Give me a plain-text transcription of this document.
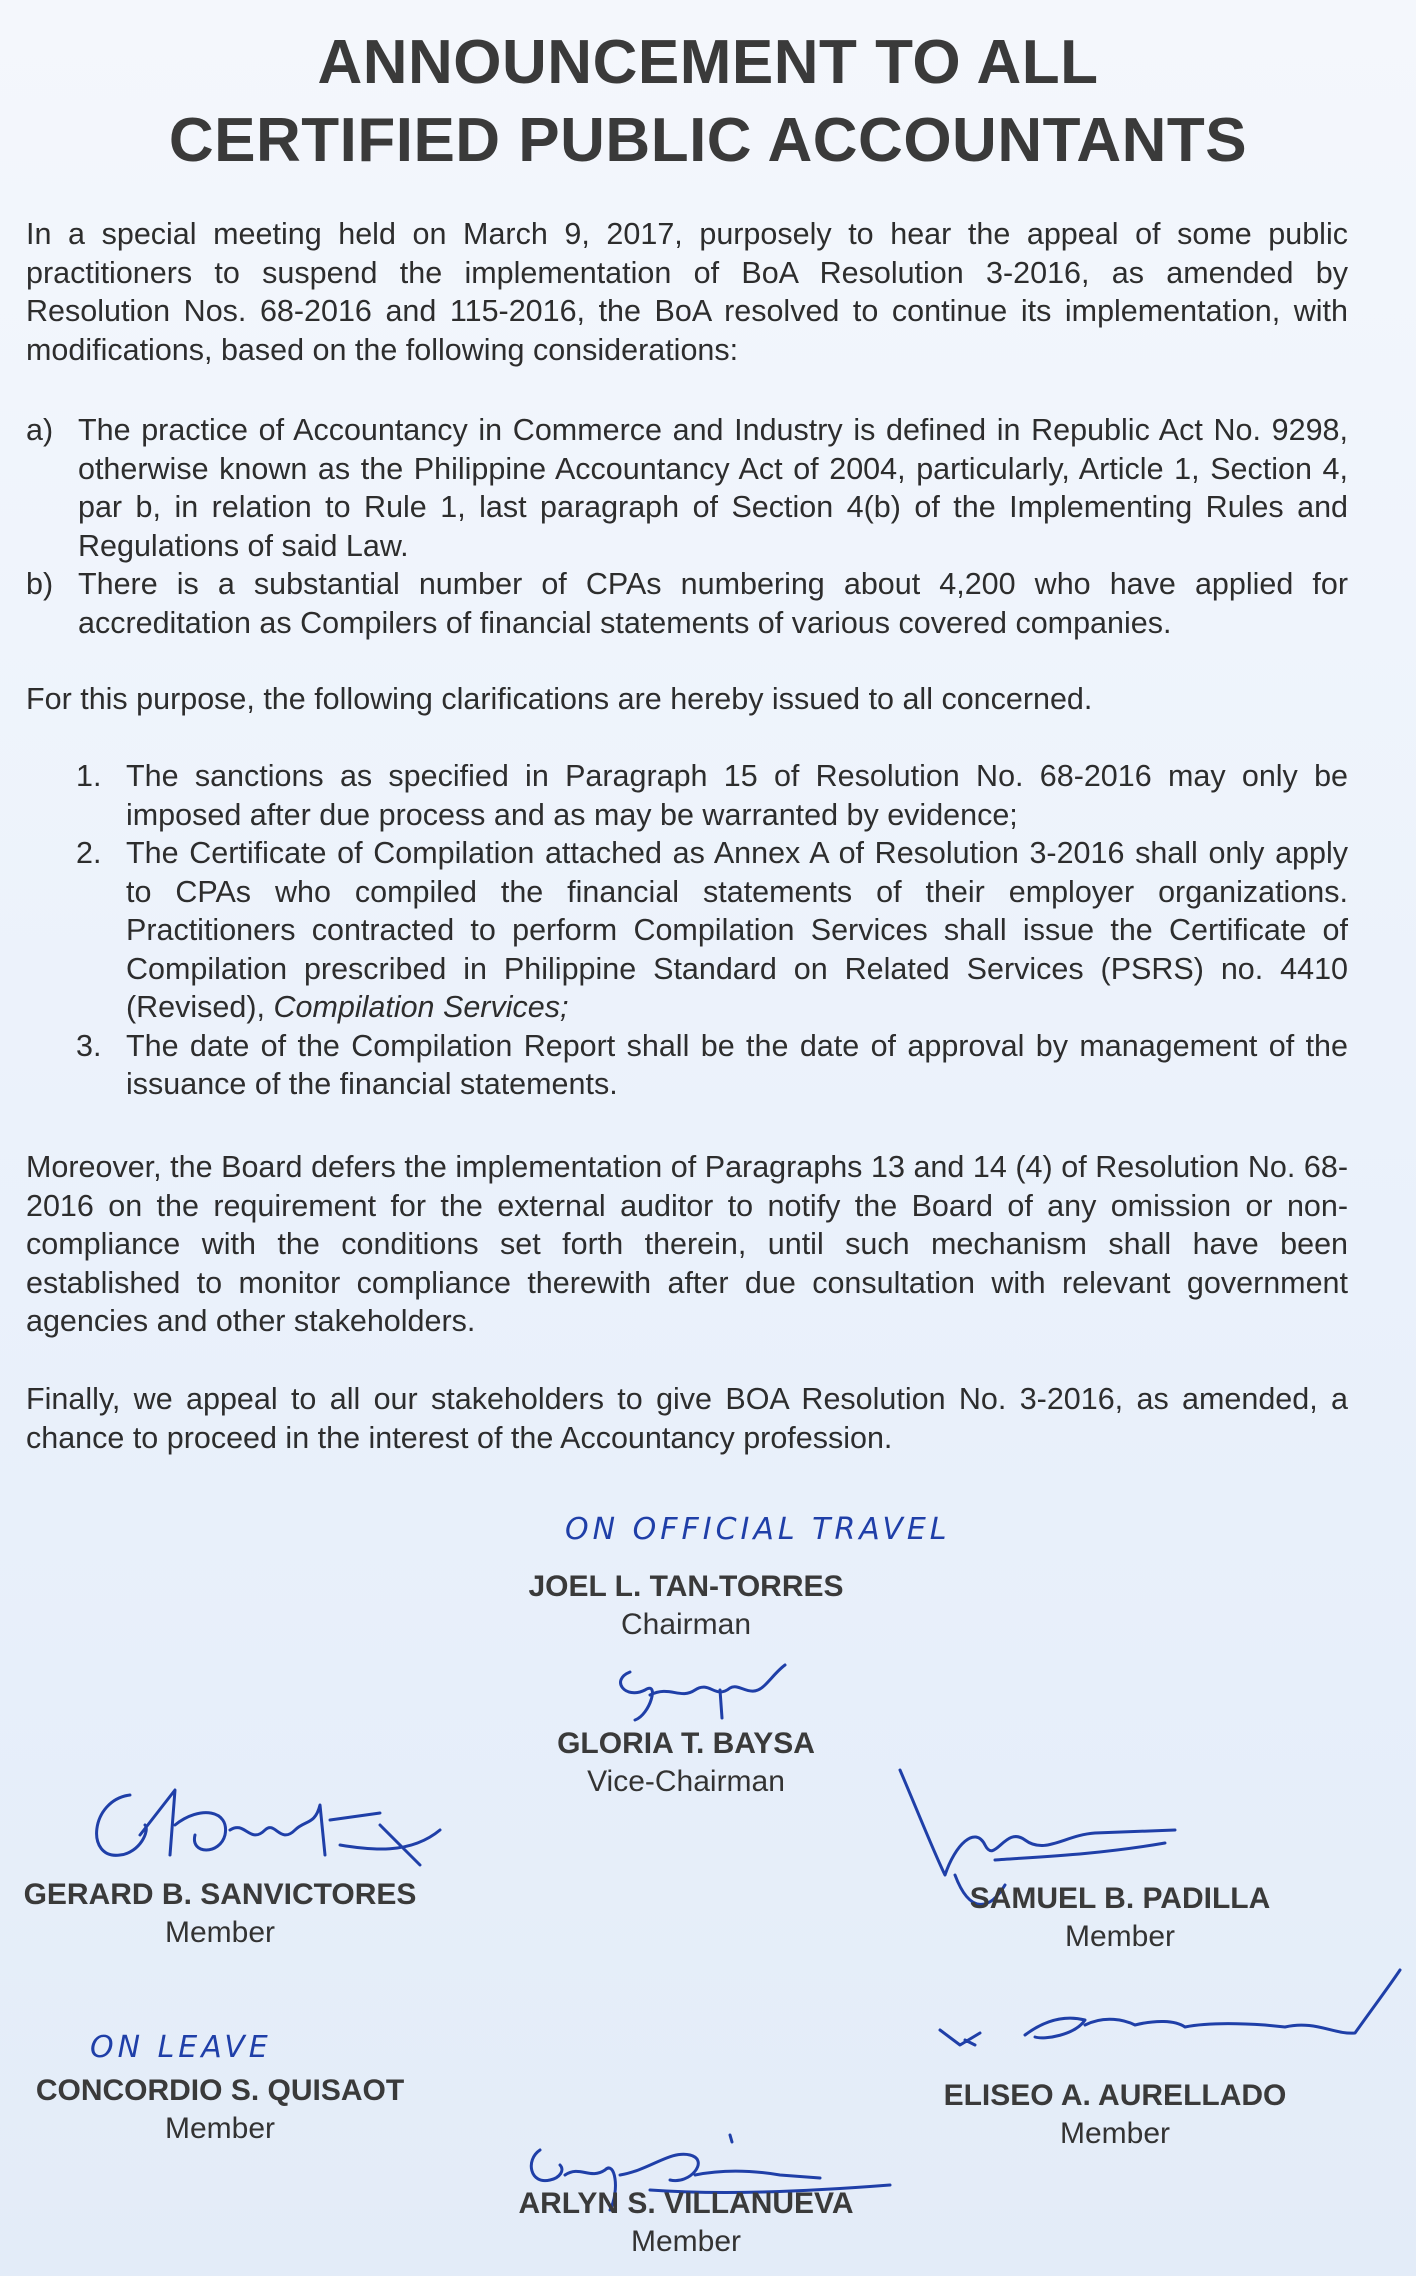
ANNOUNCEMENT TO ALL
CERTIFIED PUBLIC ACCOUNTANTS
In a special meeting held on March 9, 2017, purposely to hear the appeal of some public practitioners to suspend the implementation of BoA Resolution 3-2016, as amended by Resolution Nos. 68-2016 and 115-2016, the BoA resolved to continue its implementation, with modifications, based on the following considerations:
a) The practice of Accountancy in Commerce and Industry is defined in Republic Act No. 9298, otherwise known as the Philippine Accountancy Act of 2004, particularly, Article 1, Section 4, par b, in relation to Rule 1, last paragraph of Section 4(b) of the Implementing Rules and Regulations of said Law.
b) There is a substantial number of CPAs numbering about 4,200 who have applied for accreditation as Compilers of financial statements of various covered companies.
For this purpose, the following clarifications are hereby issued to all concerned.
1. The sanctions as specified in Paragraph 15 of Resolution No. 68-2016 may only be imposed after due process and as may be warranted by evidence;
2. The Certificate of Compilation attached as Annex A of Resolution 3-2016 shall only apply to CPAs who compiled the financial statements of their employer organizations. Practitioners contracted to perform Compilation Services shall issue the Certificate of Compilation prescribed in Philippine Standard on Related Services (PSRS) no. 4410 (Revised), Compilation Services;
3. The date of the Compilation Report shall be the date of approval by management of the issuance of the financial statements.
Moreover, the Board defers the implementation of Paragraphs 13 and 14 (4) of Resolution No. 68-2016 on the requirement for the external auditor to notify the Board of any omission or non-compliance with the conditions set forth therein, until such mechanism shall have been established to monitor compliance therewith after due consultation with relevant government agencies and other stakeholders.
Finally, we appeal to all our stakeholders to give BOA Resolution No. 3-2016, as amended, a chance to proceed in the interest of the Accountancy profession.
ON OFFICIAL TRAVEL
JOEL L. TAN-TORRES
Chairman
GLORIA T. BAYSA
Vice-Chairman
GERARD B. SANVICTORES
Member
SAMUEL B. PADILLA
Member
ON LEAVE
CONCORDIO S. QUISAOT
Member
ELISEO A. AURELLADO
Member
ARLYN S. VILLANUEVA
Member
